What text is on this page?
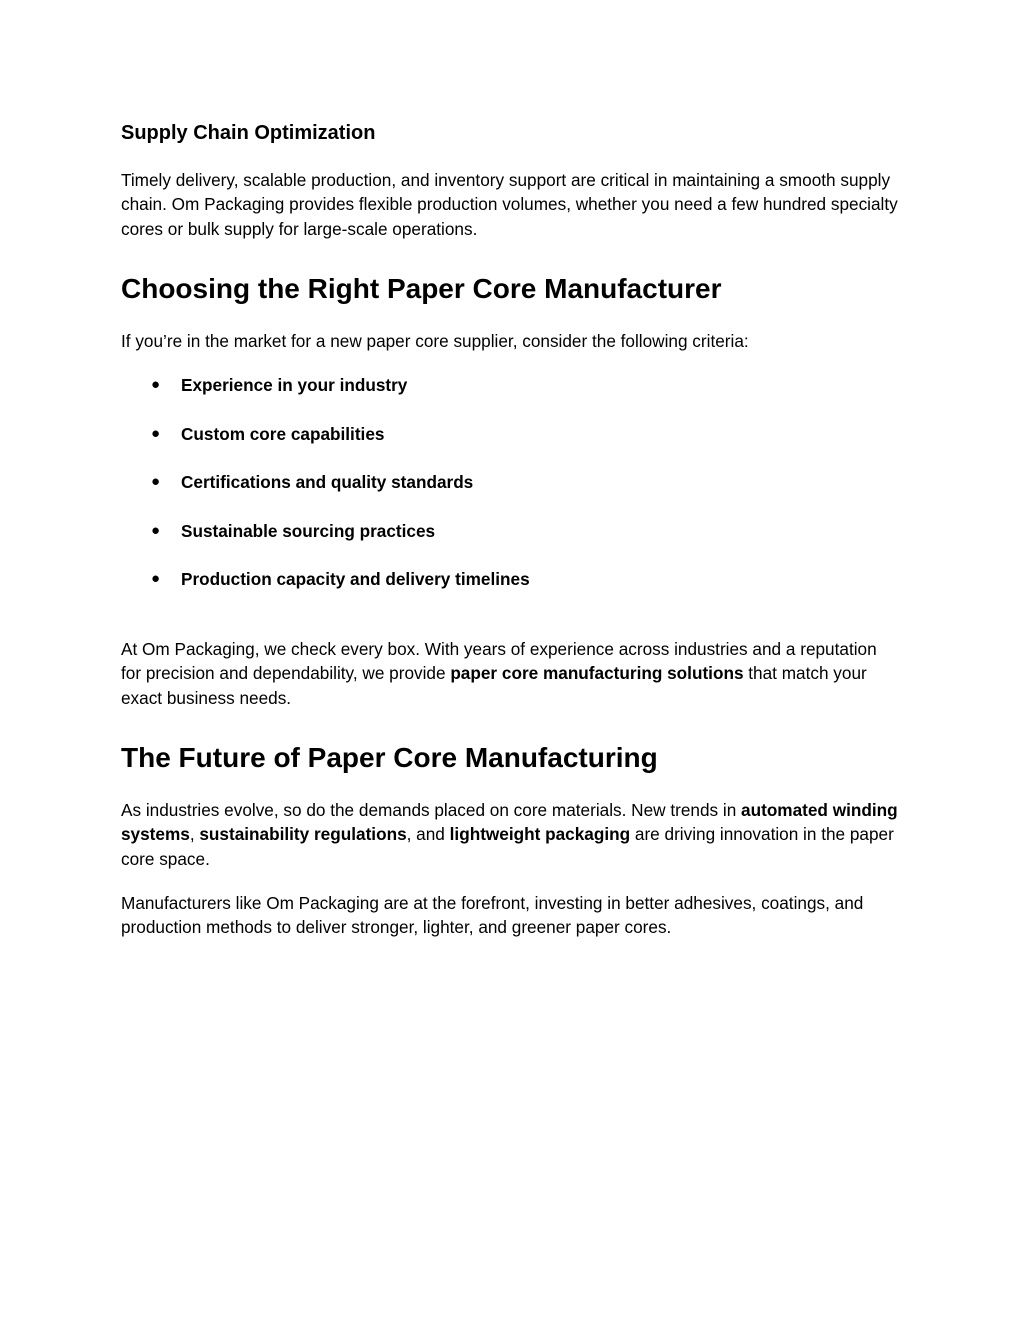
Supply Chain Optimization

Timely delivery, scalable production, and inventory support are critical in maintaining a smooth supply chain. Om Packaging provides flexible production volumes, whether you need a few hundred specialty cores or bulk supply for large-scale operations.

Choosing the Right Paper Core Manufacturer

If you’re in the market for a new paper core supplier, consider the following criteria:

● Experience in your industry
● Custom core capabilities
● Certifications and quality standards
● Sustainable sourcing practices
● Production capacity and delivery timelines

At Om Packaging, we check every box. With years of experience across industries and a reputation for precision and dependability, we provide paper core manufacturing solutions that match your exact business needs.

The Future of Paper Core Manufacturing

As industries evolve, so do the demands placed on core materials. New trends in automated winding systems, sustainability regulations, and lightweight packaging are driving innovation in the paper core space.

Manufacturers like Om Packaging are at the forefront, investing in better adhesives, coatings, and production methods to deliver stronger, lighter, and greener paper cores.
